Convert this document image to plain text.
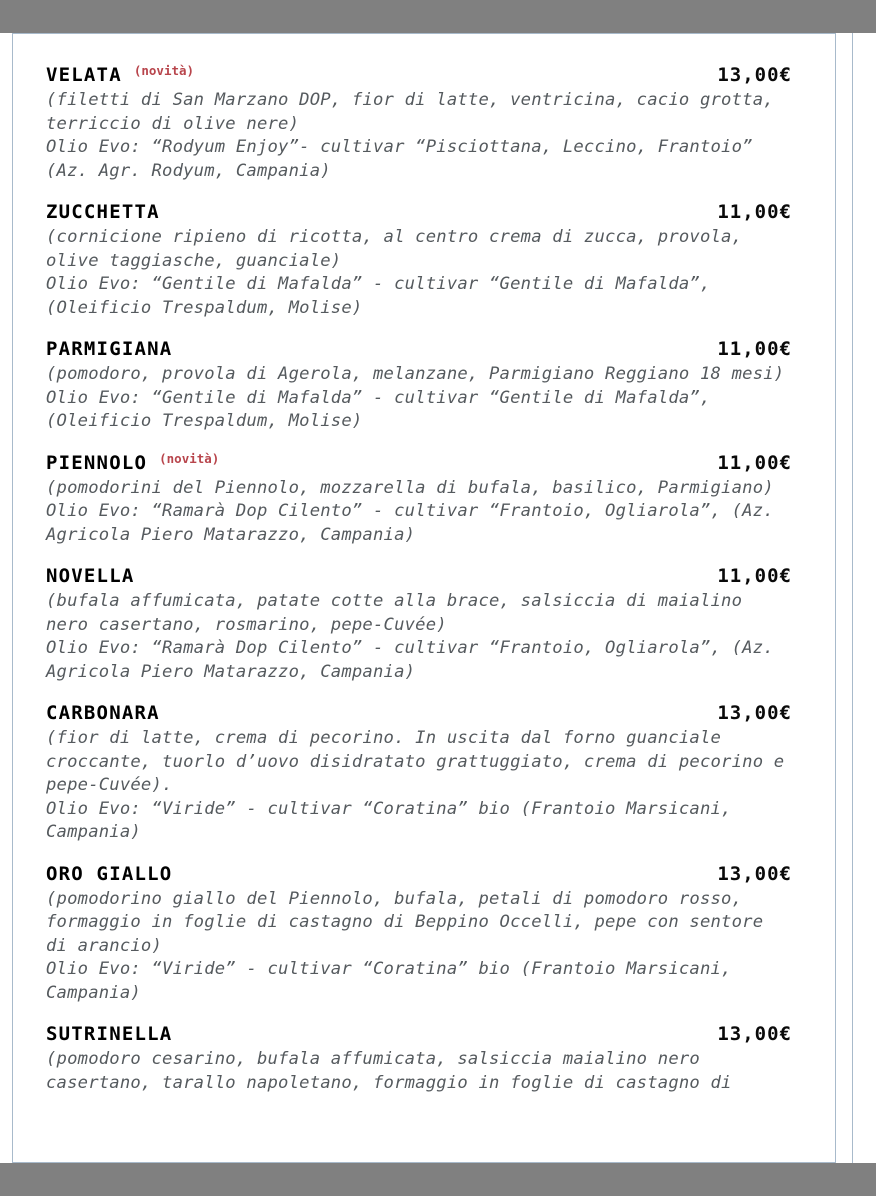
VELATA (novità)	13,00€
(filetti di San Marzano DOP, fior di latte, ventricina, cacio grotta, terriccio di olive nere)
Olio Evo: “Rodyum Enjoy”- cultivar “Pisciottana, Leccino, Frantoio” (Az. Agr. Rodyum, Campania)
ZUCCHETTA	11,00€
(cornicione ripieno di ricotta, al centro crema di zucca, provola, olive taggiasche, guanciale)
Olio Evo: “Gentile di Mafalda” - cultivar “Gentile di Mafalda”, (Oleificio Trespaldum, Molise)
PARMIGIANA	11,00€
(pomodoro, provola di Agerola, melanzane, Parmigiano Reggiano 18 mesi)
Olio Evo: “Gentile di Mafalda” - cultivar “Gentile di Mafalda”, (Oleificio Trespaldum, Molise)
PIENNOLO (novità)	11,00€
(pomodorini del Piennolo, mozzarella di bufala, basilico, Parmigiano)
Olio Evo: “Ramarà Dop Cilento” - cultivar “Frantoio, Ogliarola”, (Az. Agricola Piero Matarazzo, Campania)
NOVELLA	11,00€
(bufala affumicata, patate cotte alla brace, salsiccia di maialino nero casertano, rosmarino, pepe-Cuvée)
Olio Evo: “Ramarà Dop Cilento” - cultivar “Frantoio, Ogliarola”, (Az. Agricola Piero Matarazzo, Campania)
CARBONARA	13,00€
(fior di latte, crema di pecorino. In uscita dal forno guanciale croccante, tuorlo d’uovo disidratato grattuggiato, crema di pecorino e pepe-Cuvée).
Olio Evo: “Viride” - cultivar “Coratina” bio (Frantoio Marsicani, Campania)
ORO GIALLO	13,00€
(pomodorino giallo del Piennolo, bufala, petali di pomodoro rosso, formaggio in foglie di castagno di Beppino Occelli, pepe con sentore di arancio)
Olio Evo: “Viride” - cultivar “Coratina” bio (Frantoio Marsicani, Campania)
SUTRINELLA	13,00€
(pomodoro cesarino, bufala affumicata, salsiccia maialino nero casertano, tarallo napoletano, formaggio in foglie di castagno di
